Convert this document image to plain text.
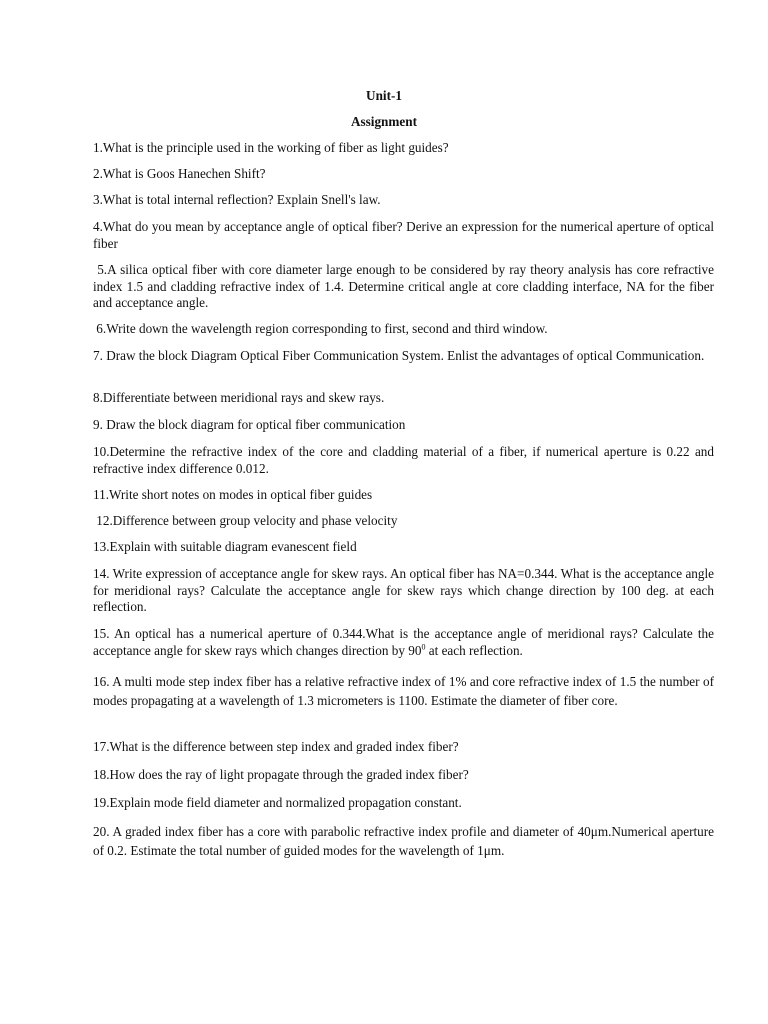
Unit-1
Assignment
1.What is the principle used in the working of fiber as light guides?
2.What is Goos Hanechen Shift?
3.What is total internal reflection? Explain Snell's law.
4.What do you mean by acceptance angle of optical fiber? Derive an expression for the numerical aperture of optical fiber
5.A silica optical fiber with core diameter large enough to be considered by ray theory analysis has core refractive index 1.5 and cladding refractive index of 1.4. Determine critical angle at core cladding interface, NA for the fiber and acceptance angle.
6.Write down the wavelength region corresponding to first, second and third window.
7. Draw the block Diagram Optical Fiber Communication System. Enlist the advantages of optical Communication.
8.Differentiate between meridional rays and skew rays.
9. Draw the block diagram for optical fiber communication
10.Determine the refractive index of the core and cladding material of a fiber, if numerical aperture is 0.22 and refractive index difference 0.012.
11.Write short notes on modes in optical fiber guides
12.Difference between group velocity and phase velocity
13.Explain with suitable diagram evanescent field
14. Write expression of acceptance angle for skew rays. An optical fiber has NA=0.344. What is the acceptance angle for meridional rays? Calculate the acceptance angle for skew rays which change direction by 100 deg. at each reflection.
15. An optical has a numerical aperture of 0.344.What is the acceptance angle of meridional rays? Calculate the acceptance angle for skew rays which changes direction by $90^0$ at each reflection.
16. A multi mode step index fiber has a relative refractive index of 1% and core refractive index of 1.5 the number of modes propagating at a wavelength of 1.3 micrometers is 1100. Estimate the diameter of fiber core.
17.What is the difference between step index and graded index fiber?
18.How does the ray of light propagate through the graded index fiber?
19.Explain mode field diameter and normalized propagation constant.
20. A graded index fiber has a core with parabolic refractive index profile and diameter of 40μm.Numerical aperture of 0.2. Estimate the total number of guided modes for the wavelength of 1μm.
